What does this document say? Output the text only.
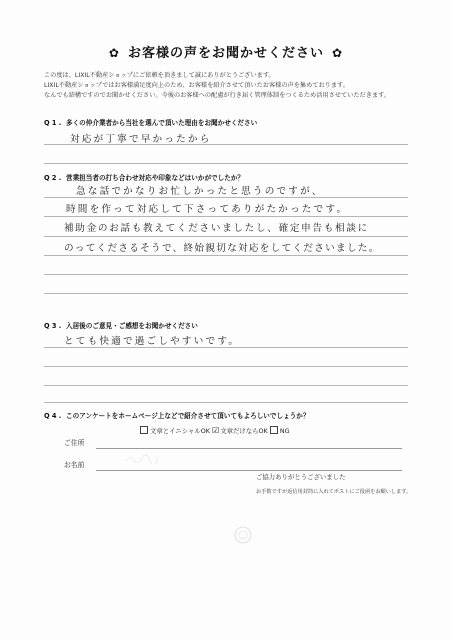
✿ お客様の声をお聞かせください ✿
この度は、LIXIL不動産ショップにご依頼を頂きまして誠にありがとうございます。
LIXIL不動産ショップではお客様満足度向上のため、お客様を紹介させて頂いたお客様の声を集めております。
なんでも結構ですのでお聞かせください。今後のお客様への配慮が行き届く管理体制をつくるため活用させていただきます。
Q 1 . 多くの仲介業者から当社を選んで頂いた理由をお聞かせください
対応が丁寧で早かったから
Q 2 . 営業担当者の打ち合わせ対応や印象などはいかがでしたか？
急な話でかなりお忙しかったと思うのですが、
時間を作って対応して下さってありがたかったです。
補助金のお話も教えてくださいましたし、確定申告も相談に
のってくださるそうで、終始親切な対応をしてくださいました。
Q 3 . 入居後のご意見・ご感想をお聞かせください
とても快適で過ごしやすいです。
Q 4 . このアンケートをホームページ上などで紹介させて頂いてもよろしいでしょうか？
文章とイニシャルOK ☑文章だけならOK NG
ご住所
お名前
ご協力ありがとうございました
お手数ですが返信用封筒に入れてポストにご投函をお願いします。
